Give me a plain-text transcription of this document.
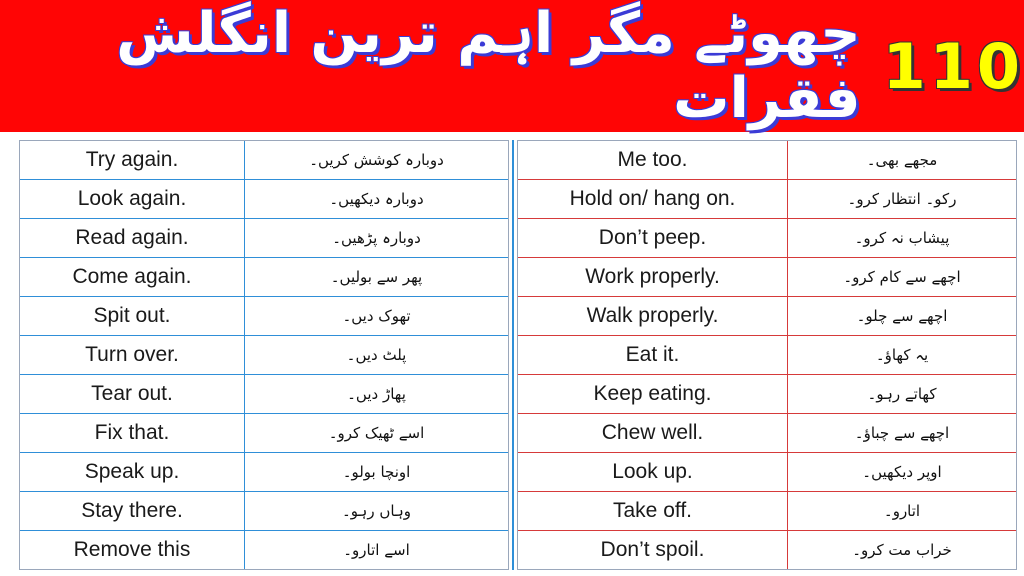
چھوٹے مگر اہم ترین انگلش فقرات 110
Try again.	دوبارہ کوشش کریں۔
Look again.	دوبارہ دیکھیں۔
Read again.	دوبارہ پڑھیں۔
Come again.	پھر سے بولیں۔
Spit out.	تھوک دیں۔
Turn over.	پلٹ دیں۔
Tear out.	پھاڑ دیں۔
Fix that.	اسے ٹھیک کرو۔
Speak up.	اونچا بولو۔
Stay there.	وہاں رہو۔
Remove this	اسے اتارو۔
Me too.	مجھے بھی۔
Hold on/ hang on.	رکو۔ انتظار کرو۔
Don’t peep.	پیشاب نہ کرو۔
Work properly.	اچھے سے کام کرو۔
Walk properly.	اچھے سے چلو۔
Eat it.	یہ کھاؤ۔
Keep eating.	کھاتے رہو۔
Chew well.	اچھے سے چباؤ۔
Look up.	اوپر دیکھیں۔
Take off.	اتارو۔
Don’t spoil.	خراب مت کرو۔
